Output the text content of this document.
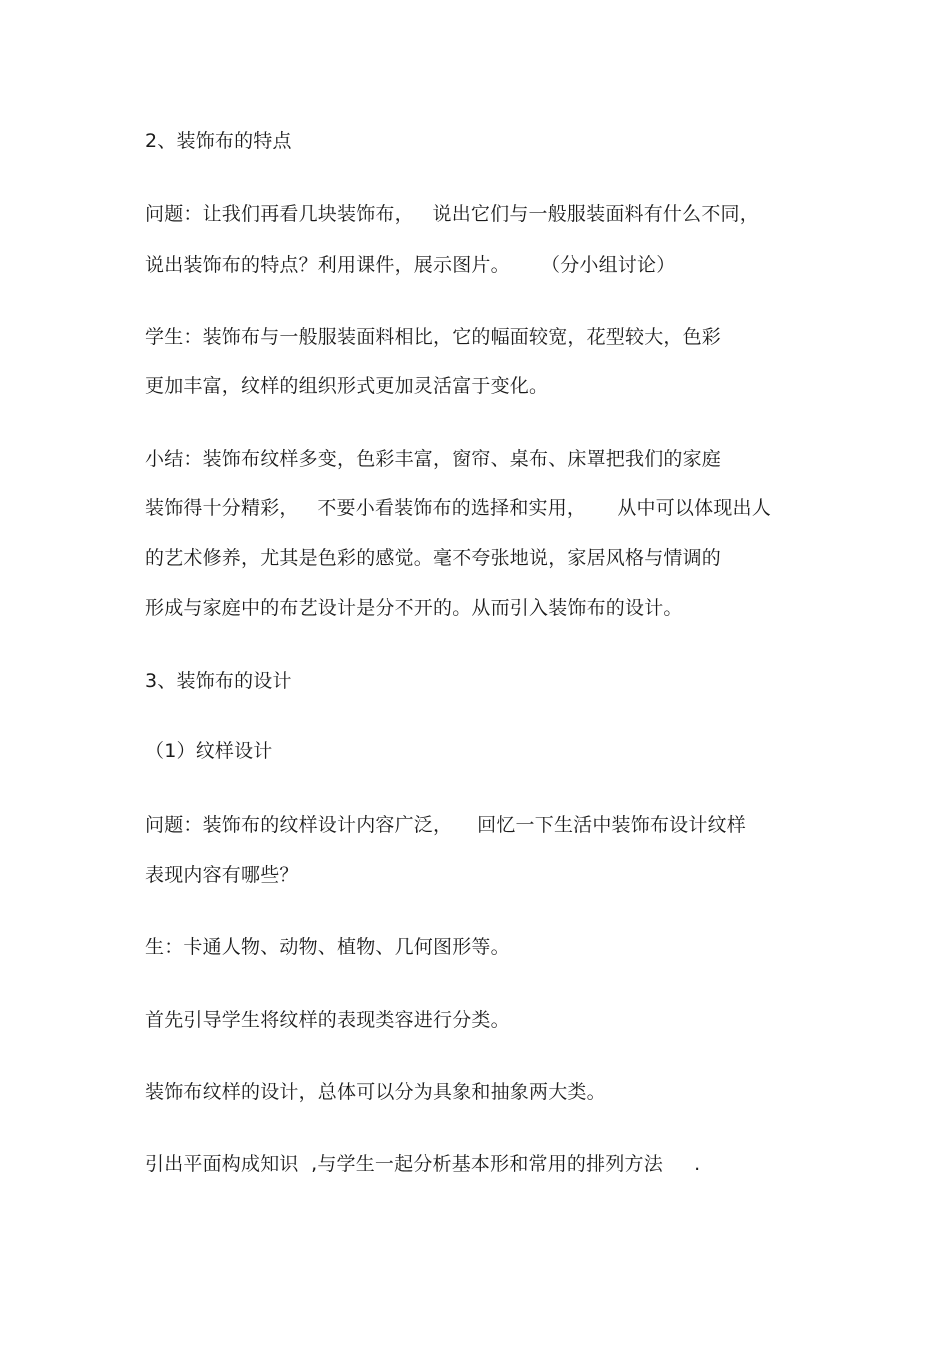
2、装饰布的特点
问题：让我们再看几块装饰布，   说出它们与一般服装面料有什么不同，
说出装饰布的特点？利用课件，展示图片。     （分小组讨论）
学生：装饰布与一般服装面料相比，它的幅面较宽，花型较大，色彩
更加丰富，纹样的组织形式更加灵活富于变化。
小结：装饰布纹样多变，色彩丰富，窗帘、桌布、床罩把我们的家庭
装饰得十分精彩，   不要小看装饰布的选择和实用，     从中可以体现出人
的艺术修养，尤其是色彩的感觉。毫不夸张地说，家居风格与情调的
形成与家庭中的布艺设计是分不开的。从而引入装饰布的设计。
3、装饰布的设计
（1）纹样设计
问题：装饰布的纹样设计内容广泛，    回忆一下生活中装饰布设计纹样
表现内容有哪些？
生：卡通人物、动物、植物、几何图形等。
首先引导学生将纹样的表现类容进行分类。
装饰布纹样的设计，总体可以分为具象和抽象两大类。
引出平面构成知识  ,与学生一起分析基本形和常用的排列方法     .
